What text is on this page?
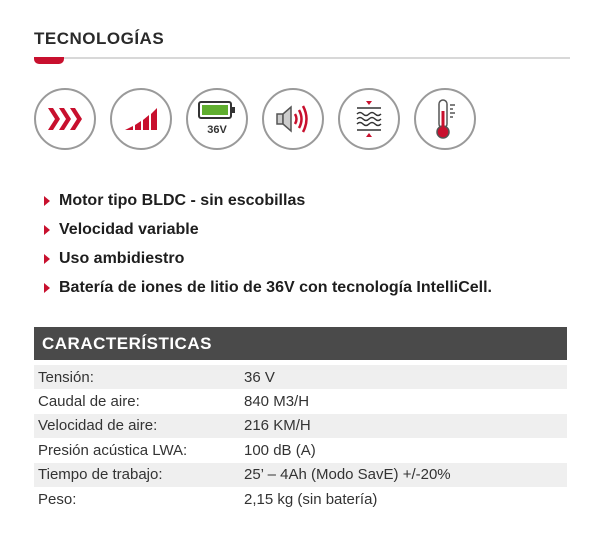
TECNOLOGÍAS
36V
Motor tipo BLDC - sin escobillas
Velocidad variable
Uso ambidiestro
Batería de iones de litio de 36V con tecnología IntelliCell.
CARACTERÍSTICAS
Tensión:	36 V
Caudal de aire:	840 M3/H
Velocidad de aire:	216 KM/H
Presión acústica LWA:	100 dB (A)
Tiempo de trabajo:	25’ – 4Ah (Modo SavE) +/-20%
Peso:	2,15 kg (sin batería)
